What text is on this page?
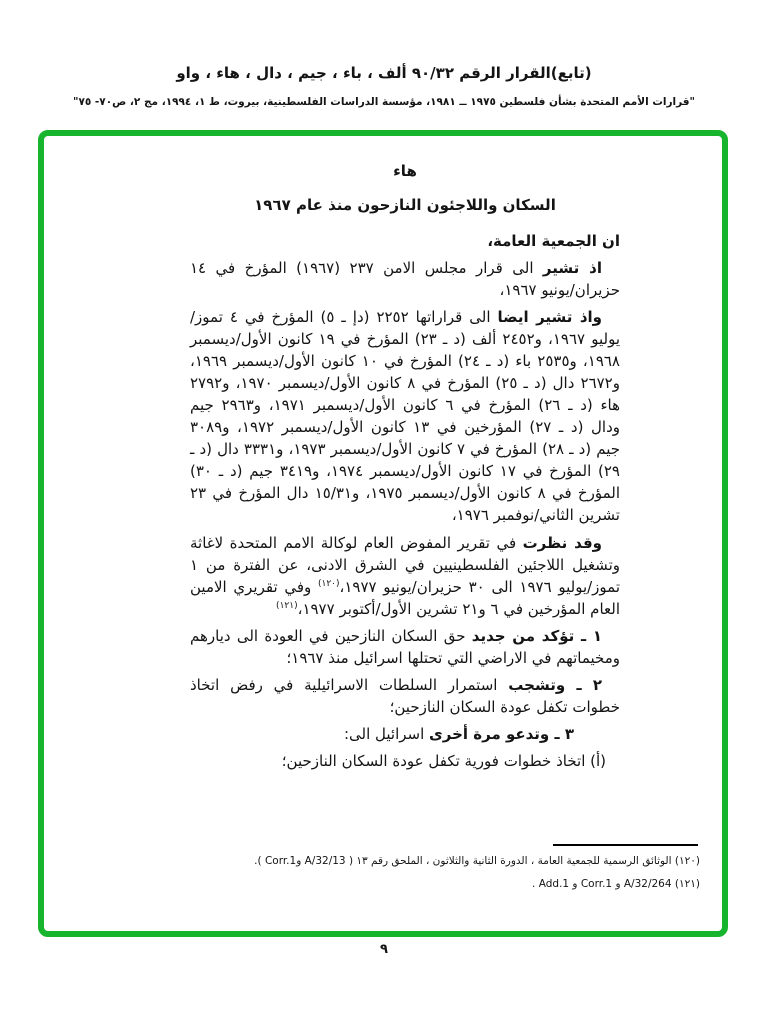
(تابع)القرار الرقم ٩٠/٣٢ ألف ، باء ، جيم ، دال ، هاء ، واو
"قرارات الأمم المتحدة بشأن فلسطين ١٩٧٥ ــ ١٩٨١، مؤسسة الدراسات الفلسطينية، بيروت، ط ١، ١٩٩٤، مج ٢، ص٧٠- ٧٥"

هاء

السكان واللاجئون النازحون منذ عام ١٩٦٧

ان الجمعية العامة،

اذ تشير الى قرار مجلس الامن ٢٣٧ (١٩٦٧) المؤرخ في ١٤ حزيران/يونيو ١٩٦٧،

واذ تشير ايضا الى قراراتها ٢٢٥٢ (دإ ـ ٥) المؤرخ في ٤ تموز/يوليو ١٩٦٧، و٢٤٥٢ ألف (د ـ ٢٣) المؤرخ في ١٩ كانون الأول/ديسمبر ١٩٦٨، و٢٥٣٥ باء (د ـ ٢٤) المؤرخ في ١٠ كانون الأول/ديسمبر ١٩٦٩، و٢٦٧٢ دال (د ـ ٢٥) المؤرخ في ٨ كانون الأول/ديسمبر ١٩٧٠، و٢٧٩٢ هاء (د ـ ٢٦) المؤرخ في ٦ كانون الأول/ديسمبر ١٩٧١، و٢٩٦٣ جيم ودال (د ـ ٢٧) المؤرخين في ١٣ كانون الأول/ديسمبر ١٩٧٢، و٣٠٨٩ جيم (د ـ ٢٨) المؤرخ في ٧ كانون الأول/ديسمبر ١٩٧٣، و٣٣٣١ دال (د ـ ٢٩) المؤرخ في ١٧ كانون الأول/ديسمبر ١٩٧٤، و٣٤١٩ جيم (د ـ ٣٠) المؤرخ في ٨ كانون الأول/ديسمبر ١٩٧٥، و١٥/٣١ دال المؤرخ في ٢٣ تشرين الثاني/نوفمبر ١٩٧٦،

وقد نظرت في تقرير المفوض العام لوكالة الامم المتحدة لاغاثة وتشغيل اللاجئين الفلسطينيين في الشرق الادنى، عن الفترة من ١ تموز/يوليو ١٩٧٦ الى ٣٠ حزيران/يونيو ١٩٧٧،$^{(١٢٠)}$ وفي تقريري الامين العام المؤرخين في ٦ و٢١ تشرين الأول/أكتوبر ١٩٧٧،$^{(١٢١)}$

١ ـ تؤكد من جديد حق السكان النازحين في العودة الى ديارهم ومخيماتهم في الاراضي التي تحتلها اسرائيل منذ ١٩٦٧؛

٢ ـ وتشجب استمرار السلطات الاسرائيلية في رفض اتخاذ خطوات تكفل عودة السكان النازحين؛

٣ ـ وتدعو مرة أخرى اسرائيل الى:

(أ) اتخاذ خطوات فورية تكفل عودة السكان النازحين؛

(١٢٠) الوثائق الرسمية للجمعية العامة ، الدورة الثانية والثلاثون ، الملحق رقم ١٣ ( A/32/13 وCorr.1 ).
(١٢١) A/32/264 و Corr.1 و Add.1 .
٩
